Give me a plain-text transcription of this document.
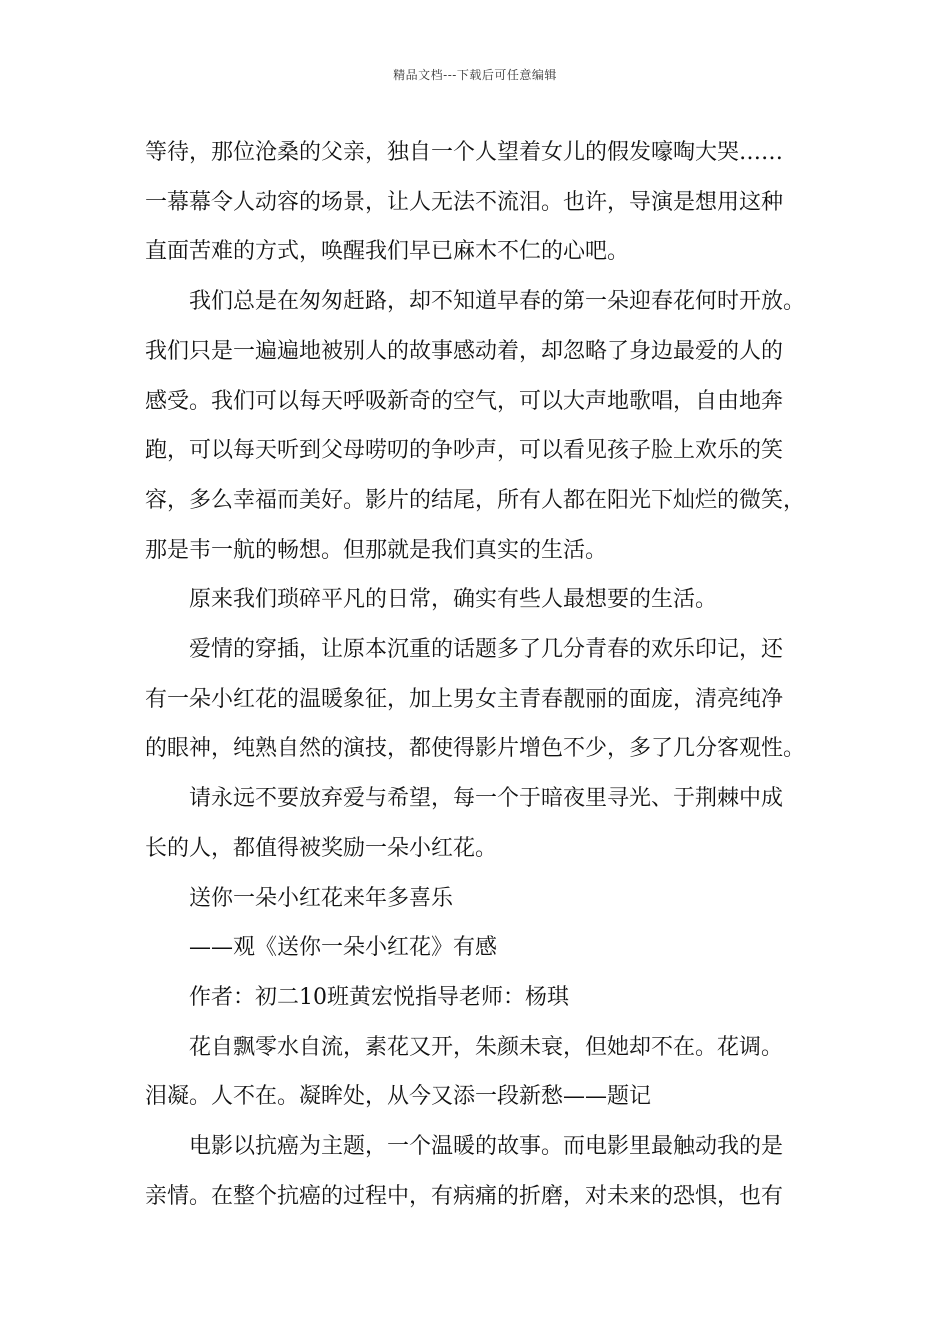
精品文档---下载后可任意编辑

等待，那位沧桑的父亲，独自一个人望着女儿的假发嚎啕大哭……

一幕幕令人动容的场景，让人无法不流泪。也许，导演是想用这种

直面苦难的方式，唤醒我们早已麻木不仁的心吧。

我们总是在匆匆赶路，却不知道早春的第一朵迎春花何时开放。

我们只是一遍遍地被别人的故事感动着，却忽略了身边最爱的人的

感受。我们可以每天呼吸新奇的空气，可以大声地歌唱，自由地奔

跑，可以每天听到父母唠叨的争吵声，可以看见孩子脸上欢乐的笑

容，多么幸福而美好。影片的结尾，所有人都在阳光下灿烂的微笑，

那是韦一航的畅想。但那就是我们真实的生活。

原来我们琐碎平凡的日常，确实有些人最想要的生活。

爱情的穿插，让原本沉重的话题多了几分青春的欢乐印记，还

有一朵小红花的温暖象征，加上男女主青春靓丽的面庞，清亮纯净

的眼神，纯熟自然的演技，都使得影片增色不少，多了几分客观性。

请永远不要放弃爱与希望，每一个于暗夜里寻光、于荆棘中成

长的人，都值得被奖励一朵小红花。

送你一朵小红花来年多喜乐

——观《送你一朵小红花》有感

作者：初二10班黄宏悦指导老师：杨琪

花自飘零水自流，素花又开，朱颜未衰，但她却不在。花调。

泪凝。人不在。凝眸处，从今又添一段新愁——题记

电影以抗癌为主题，一个温暖的故事。而电影里最触动我的是

亲情。在整个抗癌的过程中，有病痛的折磨，对未来的恐惧，也有
